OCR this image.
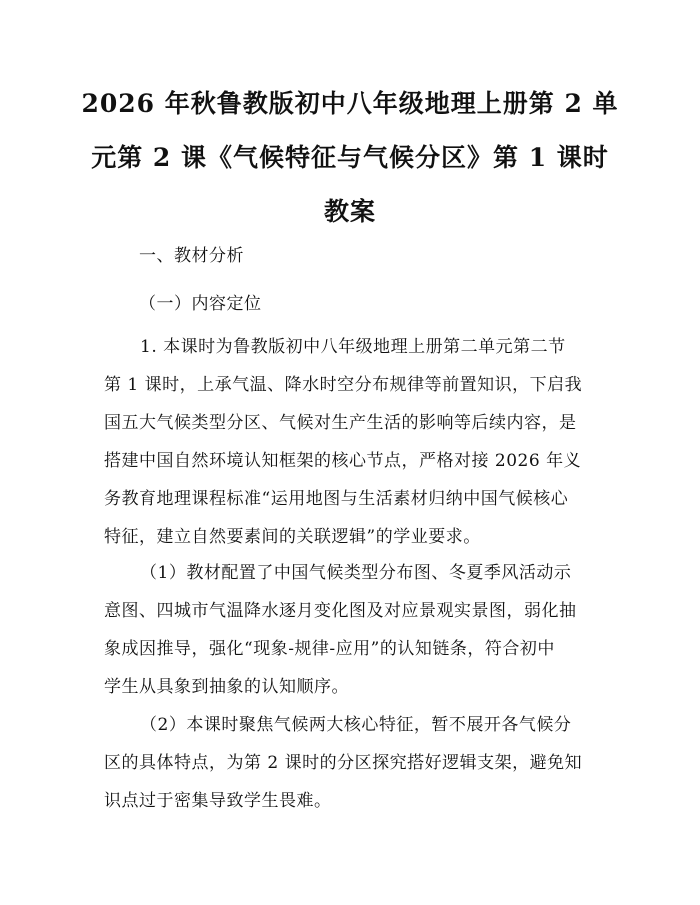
2026 年秋鲁教版初中八年级地理上册第 2 单
元第 2 课《气候特征与气候分区》第 1 课时
教案
一、教材分析
（一）内容定位
1. 本课时为鲁教版初中八年级地理上册第二单元第二节
第 1 课时，上承气温、降水时空分布规律等前置知识，下启我
国五大气候类型分区、气候对生产生活的影响等后续内容，是
搭建中国自然环境认知框架的核心节点，严格对接 2026 年义
务教育地理课程标准“运用地图与生活素材归纳中国气候核心
特征，建立自然要素间的关联逻辑”的学业要求。
（1）教材配置了中国气候类型分布图、冬夏季风活动示
意图、四城市气温降水逐月变化图及对应景观实景图，弱化抽
象成因推导，强化“现象-规律-应用”的认知链条，符合初中
学生从具象到抽象的认知顺序。
（2）本课时聚焦气候两大核心特征，暂不展开各气候分
区的具体特点，为第 2 课时的分区探究搭好逻辑支架，避免知
识点过于密集导致学生畏难。
